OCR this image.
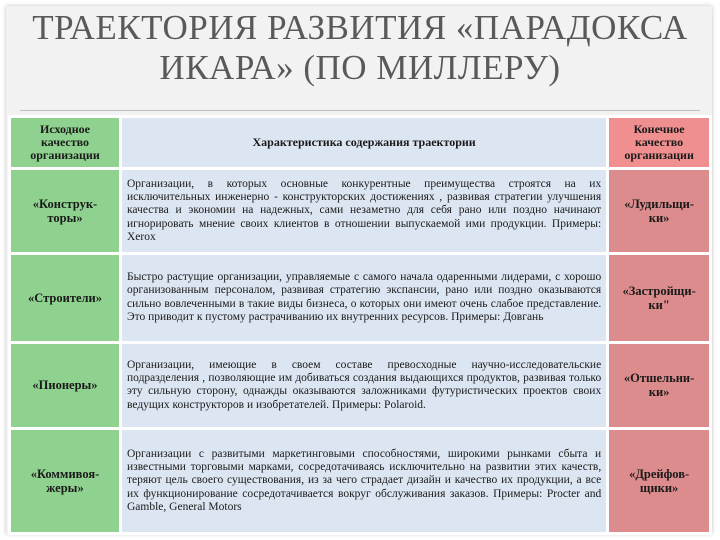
ТРАЕКТОРИЯ РАЗВИТИЯ «ПАРАДОКСА
ИКАРА» (ПО МИЛЛЕРУ)
Исходное качество организации	Характеристика содержания траектории	Конечное качество организации
«Конструк-торы»	Организации, в которых основные конкурентные преимущества строятся на их исключительных инженерно - конструкторских достижениях , развивая стратегии улучшения качества и экономии на надежных, сами незаметно для себя рано или поздно начинают игнорировать мнение своих клиентов в отношении выпускаемой ими продукции. Примеры: Xerox	«Лудильщи-ки»
«Строители»	Быстро растущие организации, управляемые с самого начала одаренными лидерами, с хорошо организованным персоналом, развивая стратегию экспансии, рано или поздно оказываются сильно вовлеченными в такие виды бизнеса, о которых они имеют очень слабое представление. Это приводит к пустому растрачиванию их внутренних ресурсов. Примеры: Довгань	«Застройщи-ки"
«Пионеры»	Организации, имеющие в своем составе превосходные научно-исследовательские подразделения , позволяющие им добиваться создания выдающихся продуктов, развивая только эту сильную сторону, однажды оказываются заложниками футуристических проектов своих ведущих конструкторов и изобретателей. Примеры: Polaroid.	«Отшельни-ки»
«Коммивоя-жеры»	Организации с развитыми маркетинговыми способностями, широкими рынками сбыта и известными торговыми марками, сосредотачиваясь исключительно на развитии этих качеств, теряют цель своего существования, из за чего страдает дизайн и качество их продукции, а все их функционирование сосредотачивается вокруг обслуживания заказов. Примеры: Procter and Gamble, General Motors	«Дрейфов-щики»
